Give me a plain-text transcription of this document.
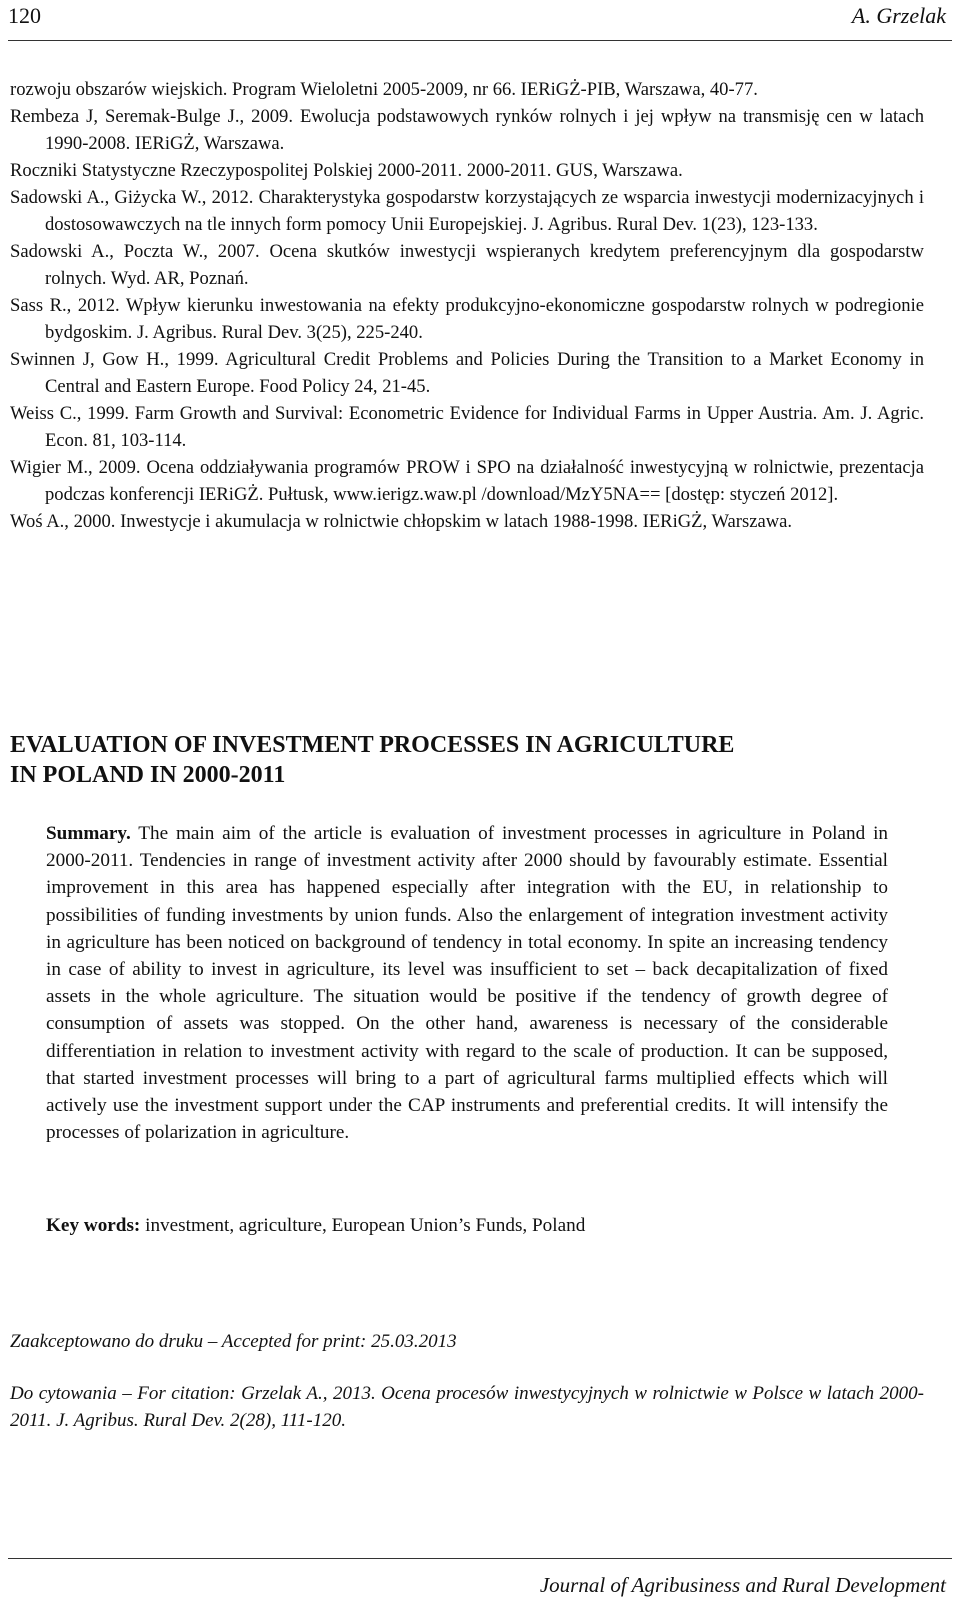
120	A. Grzelak

rozwoju obszarów wiejskich. Program Wieloletni 2005-2009, nr 66. IERiGŻ-PIB, Warszawa, 40-77.

Rembeza J, Seremak-Bulge J., 2009. Ewolucja podstawowych rynków rolnych i jej wpływ na transmisję cen w latach 1990-2008. IERiGŻ, Warszawa.

Roczniki Statystyczne Rzeczypospolitej Polskiej 2000-2011. 2000-2011. GUS, Warszawa.

Sadowski A., Giżycka W., 2012. Charakterystyka gospodarstw korzystających ze wsparcia inwestycji modernizacyjnych i dostosowawczych na tle innych form pomocy Unii Europejskiej. J. Agribus. Rural Dev. 1(23), 123-133.

Sadowski A., Poczta W., 2007. Ocena skutków inwestycji wspieranych kredytem preferencyjnym dla gospodarstw rolnych. Wyd. AR, Poznań.

Sass R., 2012. Wpływ kierunku inwestowania na efekty produkcyjno-ekonomiczne gospodarstw rolnych w podregionie bydgoskim. J. Agribus. Rural Dev. 3(25), 225-240.

Swinnen J, Gow H., 1999. Agricultural Credit Problems and Policies During the Transition to a Market Economy in Central and Eastern Europe. Food Policy 24, 21-45.

Weiss C., 1999. Farm Growth and Survival: Econometric Evidence for Individual Farms in Upper Austria. Am. J. Agric. Econ. 81, 103-114.

Wigier M., 2009. Ocena oddziaływania programów PROW i SPO na działalność inwestycyjną w rolnictwie, prezentacja podczas konferencji IERiGŻ. Pułtusk, www.ierigz.waw.pl /download/MzY5NA== [dostęp: styczeń 2012].

Woś A., 2000. Inwestycje i akumulacja w rolnictwie chłopskim w latach 1988-1998. IERiGŻ, Warszawa.

EVALUATION OF INVESTMENT PROCESSES IN AGRICULTURE
IN POLAND IN 2000-2011

Summary. The main aim of the article is evaluation of investment processes in agriculture in Poland in 2000-2011. Tendencies in range of investment activity after 2000 should by favourably estimate. Essential improvement in this area has happened especially after integration with the EU, in relationship to possibilities of funding investments by union funds. Also the enlargement of integration investment activity in agriculture has been noticed on background of tendency in total economy. In spite an increasing tendency in case of ability to invest in agriculture, its level was insufficient to set – back decapitalization of fixed assets in the whole agriculture. The situation would be positive if the tendency of growth degree of consumption of assets was stopped. On the other hand, awareness is necessary of the considerable differentiation in relation to investment activity with regard to the scale of production. It can be supposed, that started investment processes will bring to a part of agricultural farms multiplied effects which will actively use the investment support under the CAP instruments and preferential credits. It will intensify the processes of polarization in agriculture.

Key words: investment, agriculture, European Union’s Funds, Poland

Zaakceptowano do druku – Accepted for print: 25.03.2013

Do cytowania – For citation: Grzelak A., 2013. Ocena procesów inwestycyjnych w rolnictwie w Polsce w latach 2000-2011. J. Agribus. Rural Dev. 2(28), 111-120.

Journal of Agribusiness and Rural Development
